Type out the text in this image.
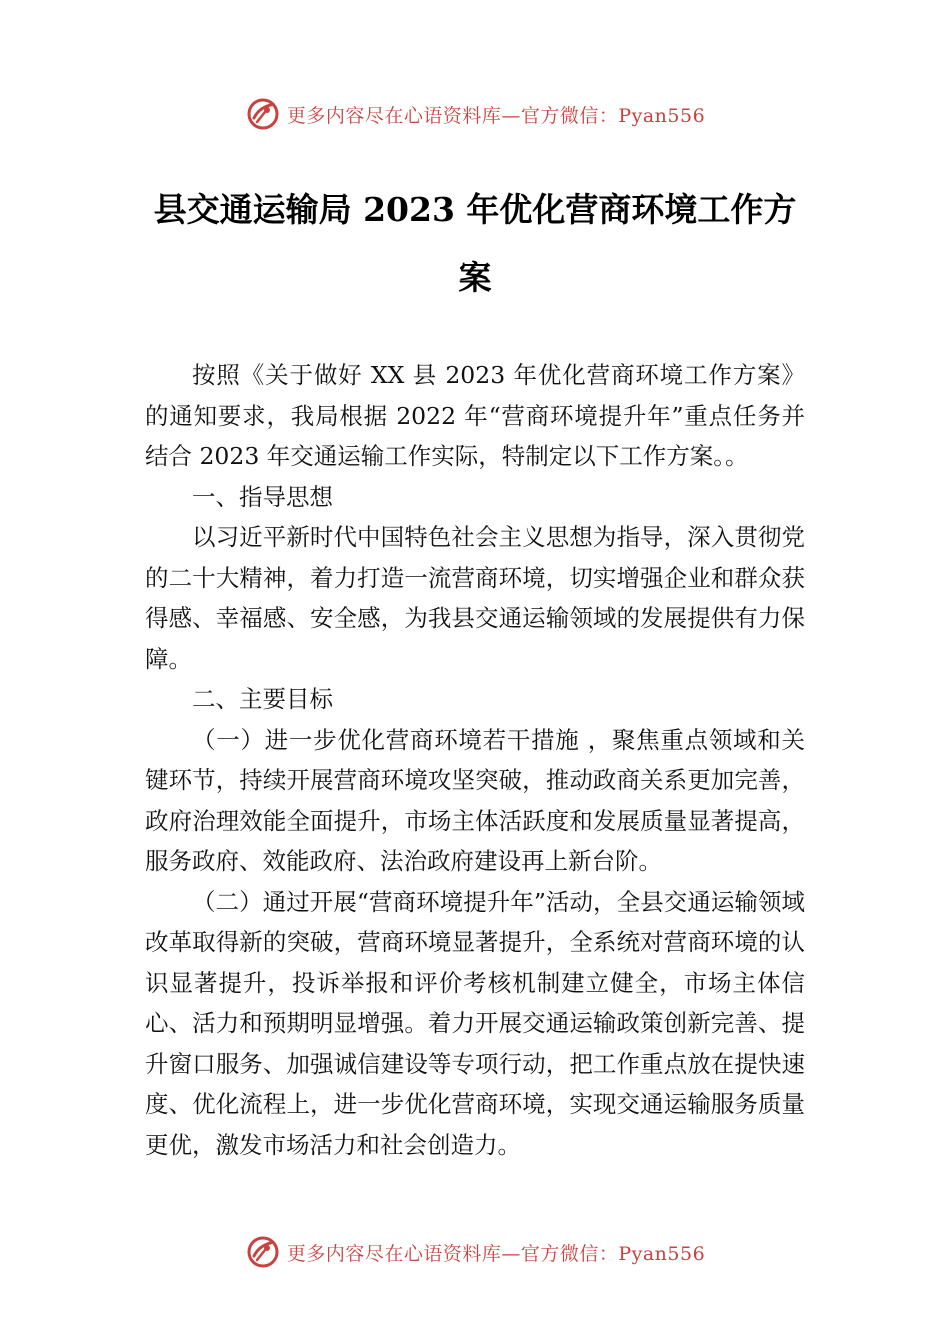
更多内容尽在心语资料库—官方微信：Pyan556
县交通运输局 2023 年优化营商环境工作方案

按照《关于做好 XX 县 2023 年优化营商环境工作方案》的通知要求，我局根据 2022 年“营商环境提升年”重点任务并结合 2023 年交通运输工作实际，特制定以下工作方案。。

一、指导思想

以习近平新时代中国特色社会主义思想为指导，深入贯彻党的二十大精神，着力打造一流营商环境，切实增强企业和群众获得感、幸福感、安全感，为我县交通运输领域的发展提供有力保障。

二、主要目标

（一）进一步优化营商环境若干措施 ，聚焦重点领域和关键环节，持续开展营商环境攻坚突破，推动政商关系更加完善，政府治理效能全面提升，市场主体活跃度和发展质量显著提高，服务政府、效能政府、法治政府建设再上新台阶。

（二）通过开展“营商环境提升年”活动，全县交通运输领域改革取得新的突破，营商环境显著提升，全系统对营商环境的认识显著提升，投诉举报和评价考核机制建立健全，市场主体信心、活力和预期明显增强。着力开展交通运输政策创新完善、提升窗口服务、加强诚信建设等专项行动，把工作重点放在提快速度、优化流程上，进一步优化营商环境，实现交通运输服务质量更优，激发市场活力和社会创造力。

更多内容尽在心语资料库—官方微信：Pyan556
